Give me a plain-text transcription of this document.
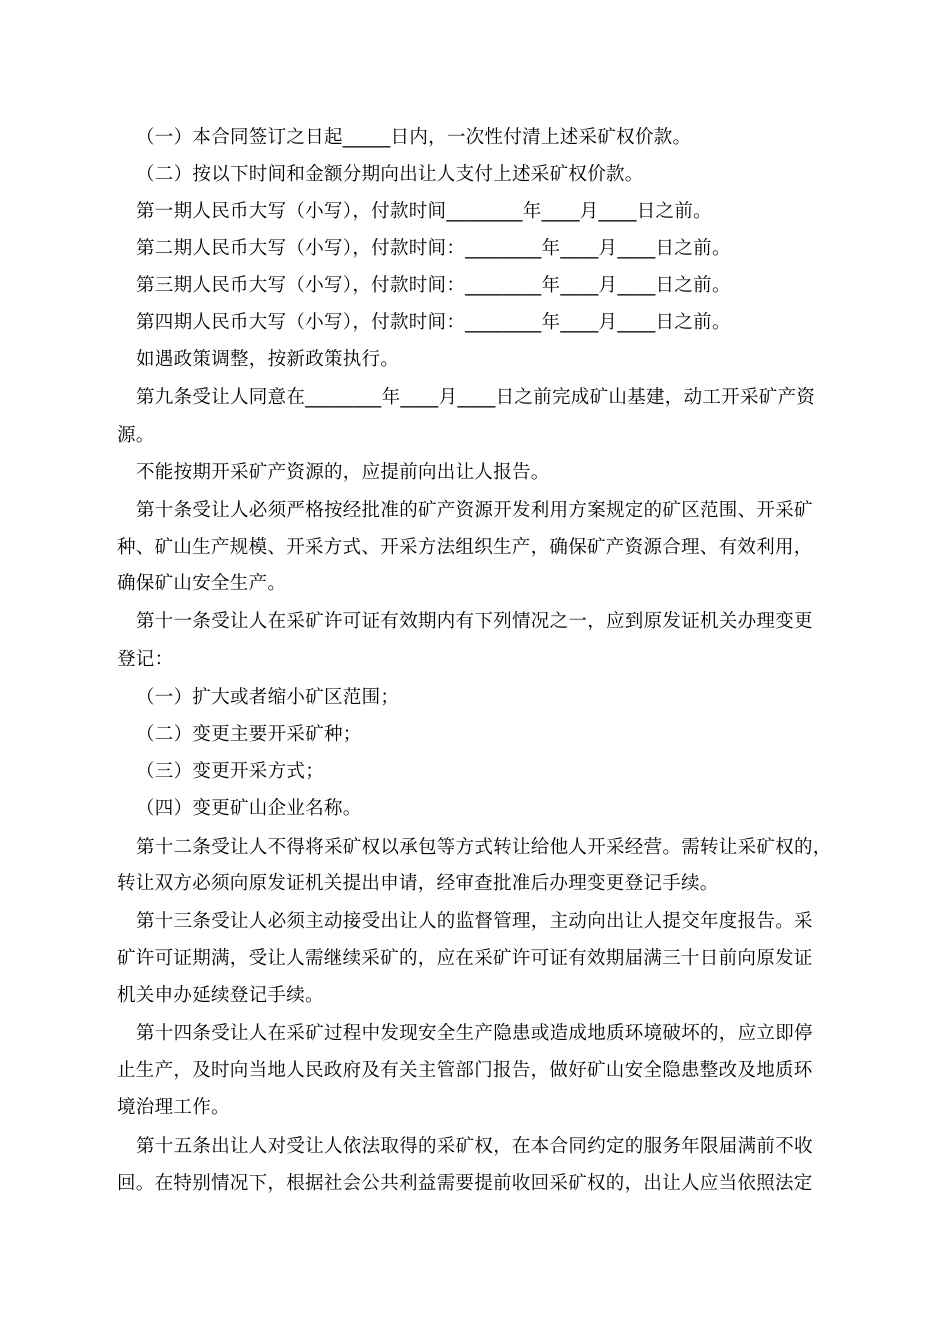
（一）本合同签订之日起_____日内，一次性付清上述采矿权价款。
（二）按以下时间和金额分期向出让人支付上述采矿权价款。
第一期人民币大写（小写），付款时间________年____月____日之前。
第二期人民币大写（小写），付款时间：________年____月____日之前。
第三期人民币大写（小写），付款时间：________年____月____日之前。
第四期人民币大写（小写），付款时间：________年____月____日之前。
如遇政策调整，按新政策执行。
第九条受让人同意在________年____月____日之前完成矿山基建，动工开采矿产资
源。
不能按期开采矿产资源的，应提前向出让人报告。
第十条受让人必须严格按经批准的矿产资源开发利用方案规定的矿区范围、开采矿
种、矿山生产规模、开采方式、开采方法组织生产，确保矿产资源合理、有效利用，
确保矿山安全生产。
第十一条受让人在采矿许可证有效期内有下列情况之一，应到原发证机关办理变更
登记：
（一）扩大或者缩小矿区范围；
（二）变更主要开采矿种；
（三）变更开采方式；
（四）变更矿山企业名称。
第十二条受让人不得将采矿权以承包等方式转让给他人开采经营。需转让采矿权的，
转让双方必须向原发证机关提出申请，经审查批准后办理变更登记手续。
第十三条受让人必须主动接受出让人的监督管理，主动向出让人提交年度报告。采
矿许可证期满，受让人需继续采矿的，应在采矿许可证有效期届满三十日前向原发证
机关申办延续登记手续。
第十四条受让人在采矿过程中发现安全生产隐患或造成地质环境破坏的，应立即停
止生产，及时向当地人民政府及有关主管部门报告，做好矿山安全隐患整改及地质环
境治理工作。
第十五条出让人对受让人依法取得的采矿权，在本合同约定的服务年限届满前不收
回。在特别情况下，根据社会公共利益需要提前收回采矿权的，出让人应当依照法定
